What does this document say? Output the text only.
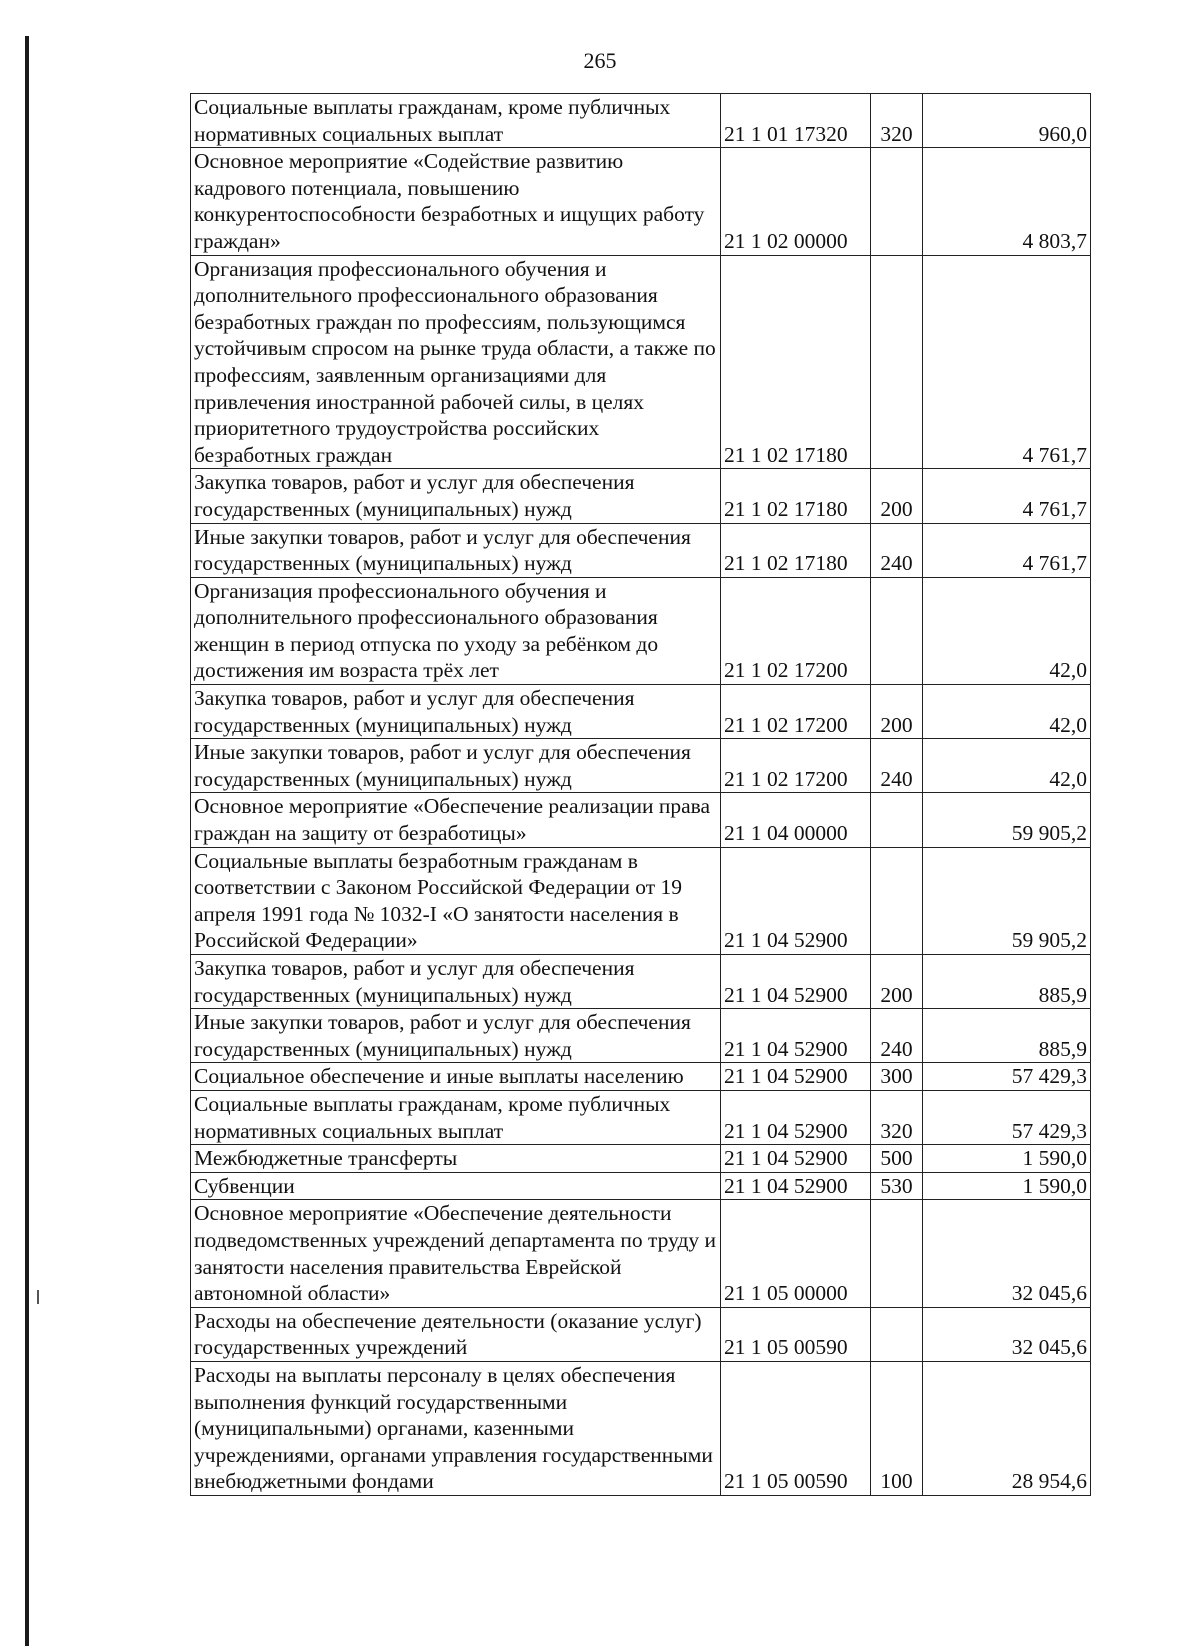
265
Социальные выплаты гражданам, кроме публичных нормативных социальных выплат	21 1 01 17320	320	960,0
Основное мероприятие «Содействие развитию кадрового потенциала, повышению конкурентоспособности безработных и ищущих работу граждан»	21 1 02 00000		4 803,7
Организация профессионального обучения и дополнительного профессионального образования безработных граждан по профессиям, пользующимся устойчивым спросом на рынке труда области, а также по профессиям, заявленным организациями для привлечения иностранной рабочей силы, в целях приоритетного трудоустройства российских безработных граждан	21 1 02 17180		4 761,7
Закупка товаров, работ и услуг для обеспечения государственных (муниципальных) нужд	21 1 02 17180	200	4 761,7
Иные закупки товаров, работ и услуг для обеспечения государственных (муниципальных) нужд	21 1 02 17180	240	4 761,7
Организация профессионального обучения и дополнительного профессионального образования женщин в период отпуска по уходу за ребёнком до достижения им возраста трёх лет	21 1 02 17200		42,0
Закупка товаров, работ и услуг для обеспечения государственных (муниципальных) нужд	21 1 02 17200	200	42,0
Иные закупки товаров, работ и услуг для обеспечения государственных (муниципальных) нужд	21 1 02 17200	240	42,0
Основное мероприятие «Обеспечение реализации права граждан на защиту от безработицы»	21 1 04 00000		59 905,2
Социальные выплаты безработным гражданам в соответствии с Законом Российской Федерации от 19 апреля 1991 года № 1032-I «О занятости населения в Российской Федерации»	21 1 04 52900		59 905,2
Закупка товаров, работ и услуг для обеспечения государственных (муниципальных) нужд	21 1 04 52900	200	885,9
Иные закупки товаров, работ и услуг для обеспечения государственных (муниципальных) нужд	21 1 04 52900	240	885,9
Социальное обеспечение и иные выплаты населению	21 1 04 52900	300	57 429,3
Социальные выплаты гражданам, кроме публичных нормативных социальных выплат	21 1 04 52900	320	57 429,3
Межбюджетные трансферты	21 1 04 52900	500	1 590,0
Субвенции	21 1 04 52900	530	1 590,0
Основное мероприятие «Обеспечение деятельности подведомственных учреждений департамента по труду и занятости населения правительства Еврейской автономной области»	21 1 05 00000		32 045,6
Расходы на обеспечение деятельности (оказание услуг) государственных учреждений	21 1 05 00590		32 045,6
Расходы на выплаты персоналу в целях обеспечения выполнения функций государственными (муниципальными) органами, казенными учреждениями, органами управления государственными внебюджетными фондами	21 1 05 00590	100	28 954,6
